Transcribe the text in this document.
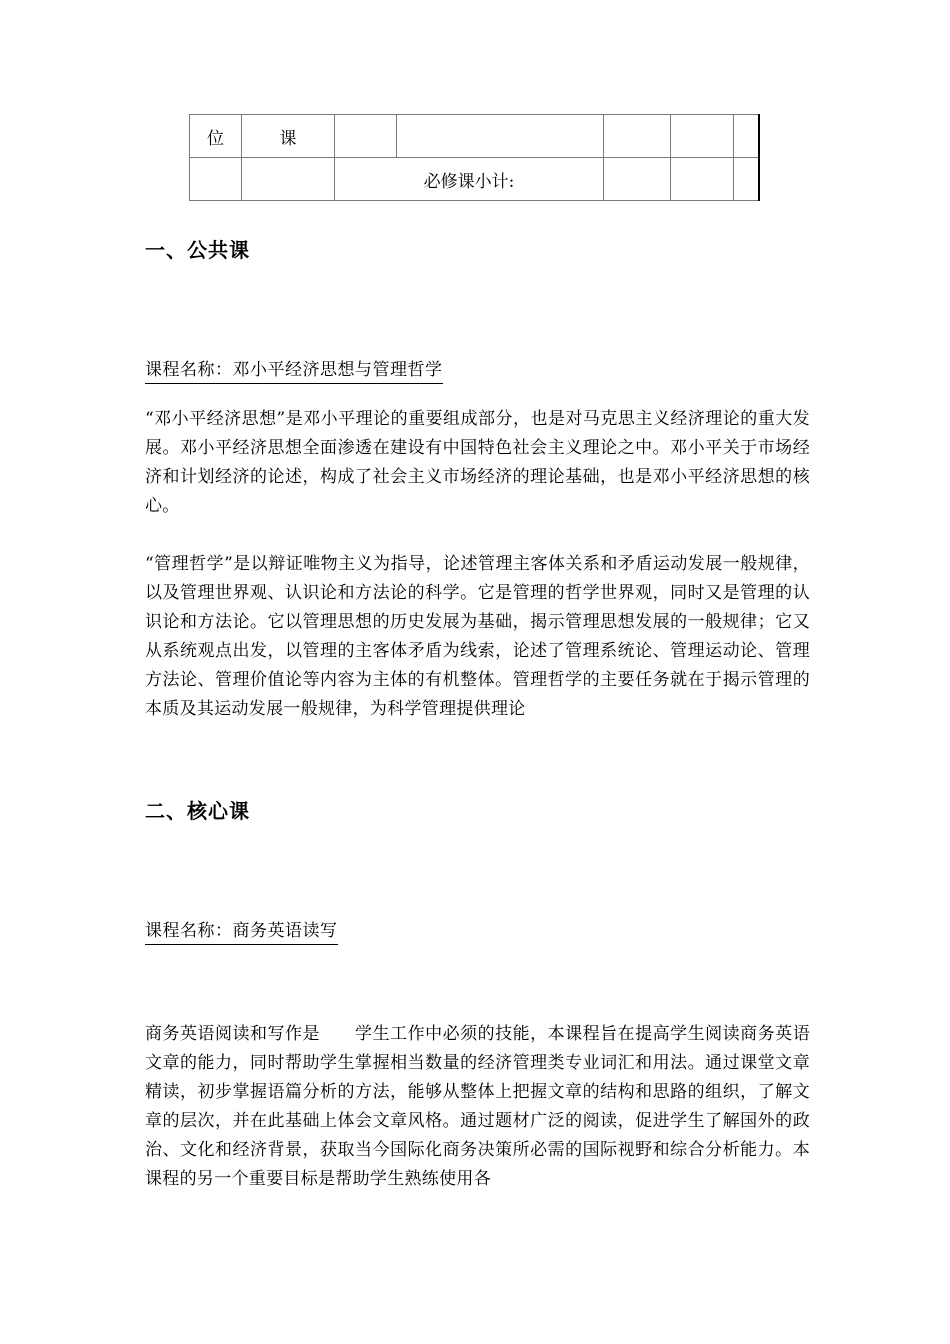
位	课					
		必修课小计:				
一、公共课
课程名称：邓小平经济思想与管理哲学
“邓小平经济思想”是邓小平理论的重要组成部分，也是对马克思主义经济理论的重大发展。邓小平经济思想全面渗透在建设有中国特色社会主义理论之中。邓小平关于市场经济和计划经济的论述，构成了社会主义市场经济的理论基础，也是邓小平经济思想的核心。
“管理哲学”是以辩证唯物主义为指导，论述管理主客体关系和矛盾运动发展一般规律，以及管理世界观、认识论和方法论的科学。它是管理的哲学世界观，同时又是管理的认识论和方法论。它以管理思想的历史发展为基础，揭示管理思想发展的一般规律；它又从系统观点出发，以管理的主客体矛盾为线索，论述了管理系统论、管理运动论、管理方法论、管理价值论等内容为主体的有机整体。管理哲学的主要任务就在于揭示管理的本质及其运动发展一般规律，为科学管理提供理论
二、核心课
课程名称：商务英语读写
商务英语阅读和写作是　　学生工作中必须的技能，本课程旨在提高学生阅读商务英语文章的能力，同时帮助学生掌握相当数量的经济管理类专业词汇和用法。通过课堂文章精读，初步掌握语篇分析的方法，能够从整体上把握文章的结构和思路的组织，了解文章的层次，并在此基础上体会文章风格。通过题材广泛的阅读，促进学生了解国外的政治、文化和经济背景，获取当今国际化商务决策所必需的国际视野和综合分析能力。本课程的另一个重要目标是帮助学生熟练使用各
